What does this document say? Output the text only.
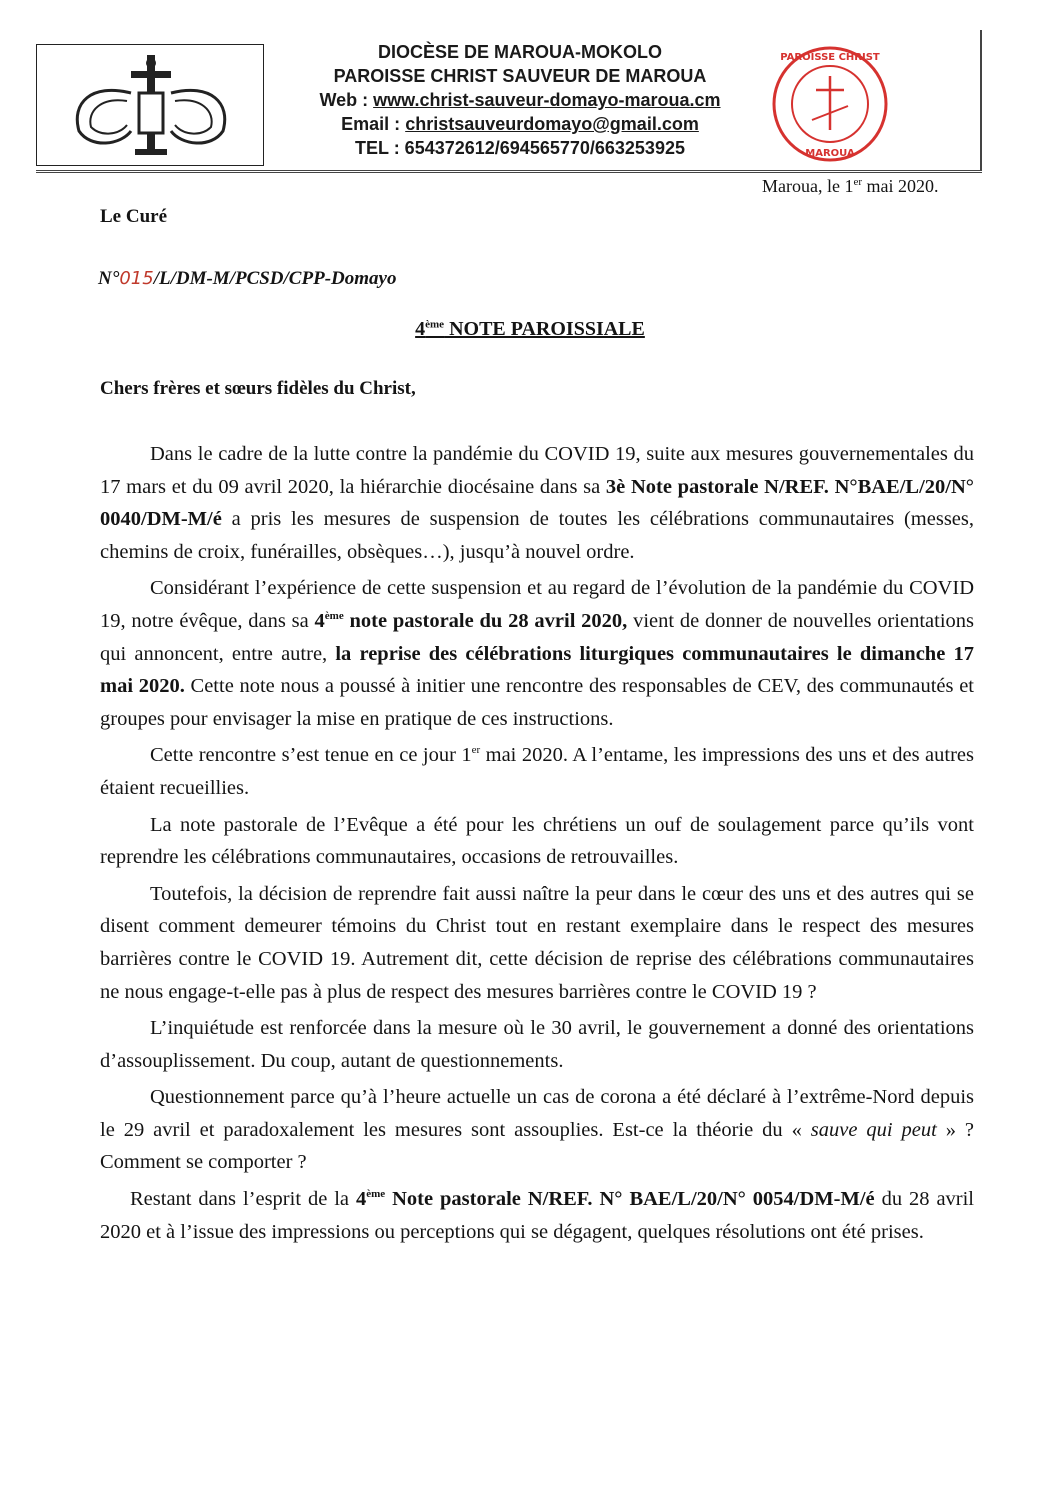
DIOCÈSE DE MAROUA-MOKOLO
PAROISSE CHRIST SAUVEUR DE MAROUA
Web : www.christ-sauveur-domayo-maroua.cm
Email : christsauveurdomayo@gmail.com
TEL : 654372612/694565770/663253925
PAROISSE CHRIST
MAROUA
Maroua, le 1er mai 2020.
Le Curé
N°015/L/DM-M/PCSD/CPP-Domayo
4ème NOTE PAROISSIALE
Chers frères et sœurs fidèles du Christ,

Dans le cadre de la lutte contre la pandémie du COVID 19, suite aux mesures gouvernementales du 17 mars et du 09 avril 2020, la hiérarchie diocésaine dans sa 3è Note pastorale N/REF. N°BAE/L/20/N° 0040/DM-M/é a pris les mesures de suspension de toutes les célébrations communautaires (messes, chemins de croix, funérailles, obsèques…), jusqu’à nouvel ordre.

Considérant l’expérience de cette suspension et au regard de l’évolution de la pandémie du COVID 19, notre évêque, dans sa 4ème note pastorale du 28 avril 2020, vient de donner de nouvelles orientations qui annoncent, entre autre, la reprise des célébrations liturgiques communautaires le dimanche 17 mai 2020. Cette note nous a poussé à initier une rencontre des responsables de CEV, des communautés et groupes pour envisager la mise en pratique de ces instructions.

Cette rencontre s’est tenue en ce jour 1er mai 2020. A l’entame, les impressions des uns et des autres étaient recueillies.

La note pastorale de l’Evêque a été pour les chrétiens un ouf de soulagement parce qu’ils vont reprendre les célébrations communautaires, occasions de retrouvailles.

Toutefois, la décision de reprendre fait aussi naître la peur dans le cœur des uns et des autres qui se disent comment demeurer témoins du Christ tout en restant exemplaire dans le respect des mesures barrières contre le COVID 19. Autrement dit, cette décision de reprise des célébrations communautaires ne nous engage-t-elle pas à plus de respect des mesures barrières contre le COVID 19 ?

L’inquiétude est renforcée dans la mesure où le 30 avril, le gouvernement a donné des orientations d’assouplissement. Du coup, autant de questionnements.

Questionnement parce qu’à l’heure actuelle un cas de corona a été déclaré à l’extrême-Nord depuis le 29 avril et paradoxalement les mesures sont assouplies. Est-ce la théorie du « sauve qui peut » ? Comment se comporter ?

Restant dans l’esprit de la 4ème Note pastorale N/REF. N° BAE/L/20/N° 0054/DM-M/é du 28 avril 2020 et à l’issue des impressions ou perceptions qui se dégagent, quelques résolutions ont été prises.
